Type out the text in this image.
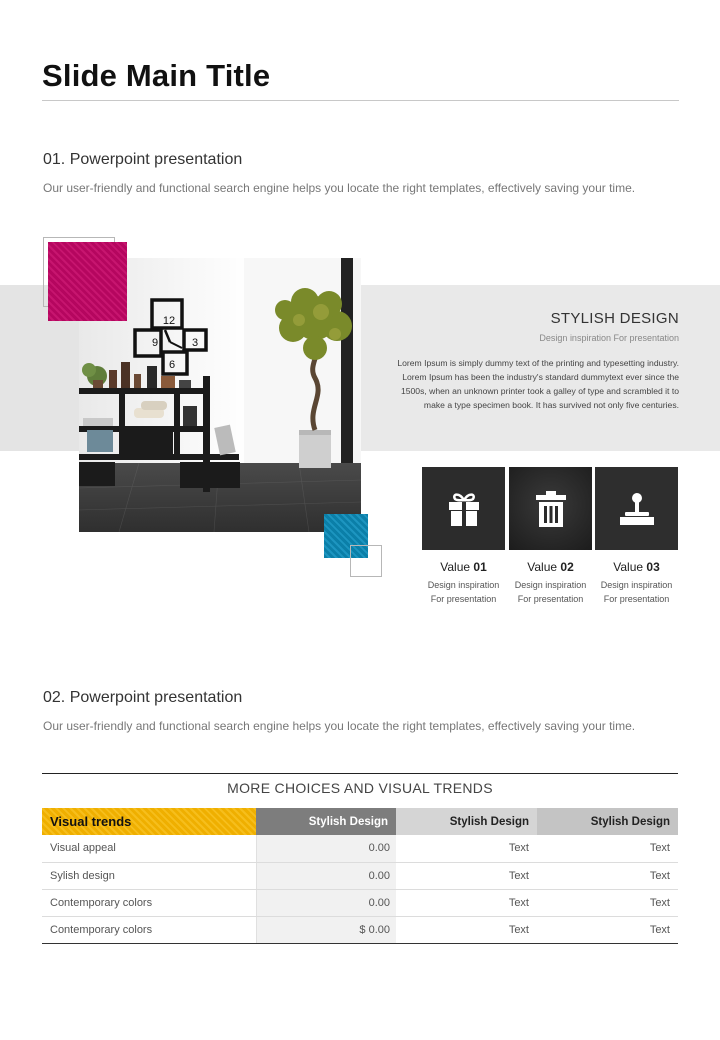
Slide Main Title
01. Powerpoint presentation
Our user-friendly and functional search engine helps you locate the right templates, effectively saving your time.
12
9	3
6
STYLISH DESIGN
Design inspiration For presentation
Lorem Ipsum is simply dummy text of the printing and typesetting industry. Lorem Ipsum has been the industry's standard dummytext ever since the 1500s, when an unknown printer took a galley of type and scrambled it to make a type specimen book. It has survived not only five centuries.
Value 01
Design inspiration
For presentation
Value 02
Design inspiration
For presentation
Value 03
Design inspiration
For presentation
02. Powerpoint presentation
Our user-friendly and functional search engine helps you locate the right templates, effectively saving your time.
MORE CHOICES AND VISUAL TRENDS
Visual trends	Stylish Design	Stylish Design	Stylish Design
Visual appeal	0.00	Text	Text
Sylish design	0.00	Text	Text
Contemporary colors	0.00	Text	Text
Contemporary colors	$ 0.00	Text	Text
